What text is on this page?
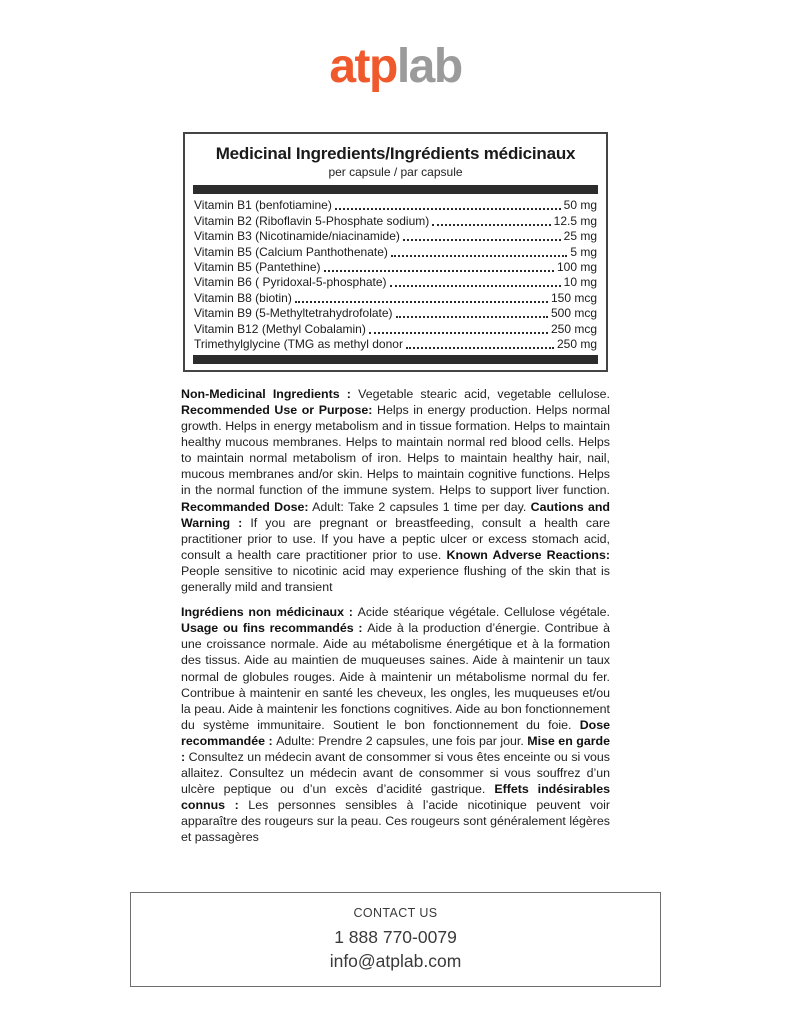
atplab
Medicinal Ingredients/Ingrédients médicinaux
per capsule / par capsule
Vitamin B1 (benfotiamine)	50 mg
Vitamin B2 (Riboflavin 5-Phosphate sodium)	12.5 mg
Vitamin B3 (Nicotinamide/niacinamide)	25 mg
Vitamin B5 (Calcium Panthothenate)	5 mg
Vitamin B5 (Pantethine)	100 mg
Vitamin B6 ( Pyridoxal-5-phosphate)	10 mg
Vitamin B8 (biotin)	150 mcg
Vitamin B9 (5-Methyltetrahydrofolate)	500 mcg
Vitamin B12 (Methyl Cobalamin)	250 mcg
Trimethylglycine (TMG as methyl donor	250 mg

Non-Medicinal Ingredients : Vegetable stearic acid, vegetable cellulose. Recommended Use or Purpose: Helps in energy production. Helps normal growth. Helps in energy metabolism and in tissue formation. Helps to maintain healthy mucous membranes. Helps to maintain normal red blood cells. Helps to maintain normal metabolism of iron. Helps to maintain healthy hair, nail, mucous membranes and/or skin. Helps to maintain cognitive functions. Helps in the normal function of the immune system. Helps to support liver function. Recommanded Dose: Adult: Take 2 capsules 1 time per day. Cautions and Warning : If you are pregnant or breastfeeding, consult a health care practitioner prior to use. If you have a peptic ulcer or excess stomach acid, consult a health care practitioner prior to use. Known Adverse Reactions: People sensitive to nicotinic acid may experience flushing of the skin that is generally mild and transient

Ingrédiens non médicinaux : Acide stéarique végétale. Cellulose végétale. Usage ou fins recommandés : Aide à la production d’énergie. Contribue à une croissance normale. Aide au métabolisme énergétique et à la formation des tissus. Aide au maintien de muqueuses saines. Aide à maintenir un taux normal de globules rouges. Aide à maintenir un métabolisme normal du fer. Contribue à maintenir en santé les cheveux, les ongles, les muqueuses et/ou la peau. Aide à maintenir les fonctions cognitives. Aide au bon fonctionnement du système immunitaire. Soutient le bon fonctionnement du foie. Dose recommandée : Adulte: Prendre 2 capsules, une fois par jour. Mise en garde : Consultez un médecin avant de consommer si vous êtes enceinte ou si vous allaitez. Consultez un médecin avant de consommer si vous souffrez d’un ulcère peptique ou d’un excès d’acidité gastrique. Effets indésirables connus : Les personnes sensibles à l’acide nicotinique peuvent voir apparaître des rougeurs sur la peau. Ces rougeurs sont généralement légères et passagères

CONTACT US
1 888 770-0079
info@atplab.com
